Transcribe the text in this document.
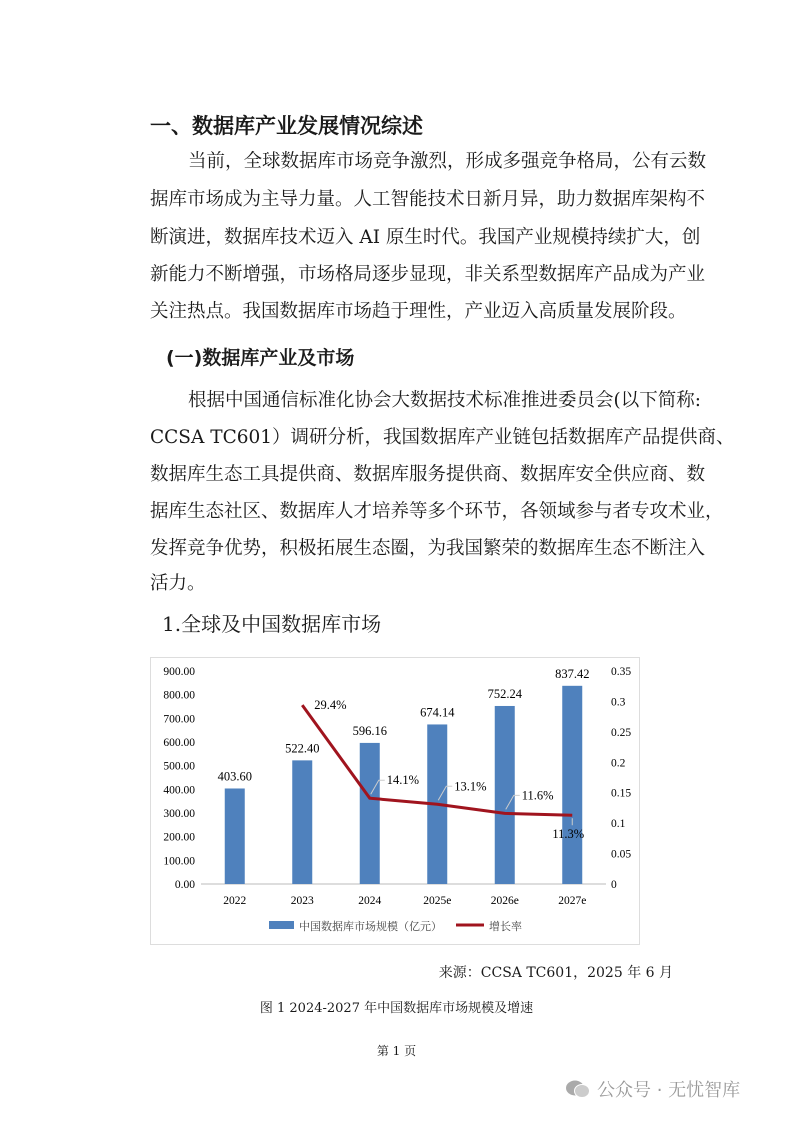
一、数据库产业发展情况综述
当前，全球数据库市场竞争激烈，形成多强竞争格局，公有云数
据库市场成为主导力量。人工智能技术日新月异，助力数据库架构不
断演进，数据库技术迈入 AI 原生时代。我国产业规模持续扩大，创
新能力不断增强，市场格局逐步显现，非关系型数据库产品成为产业
关注热点。我国数据库市场趋于理性，产业迈入高质量发展阶段。
(一)数据库产业及市场
根据中国通信标准化协会大数据技术标准推进委员会(以下简称:
CCSA TC601）调研分析，我国数据库产业链包括数据库产品提供商、
数据库生态工具提供商、数据库服务提供商、数据库安全供应商、数
据库生态社区、数据库人才培养等多个环节，各领域参与者专攻术业，
发挥竞争优势，积极拓展生态圈，为我国繁荣的数据库生态不断注入
活力。
1.全球及中国数据库市场
0.00
100.00
200.00
300.00
400.00
500.00
600.00
700.00
800.00
900.00
0
0.05
0.1
0.15
0.2
0.25
0.3
0.35
2022	2023	2024	2025e	2026e	2027e
403.60
522.40
596.16
674.14
752.24
837.42
29.4%
14.1%	13.1%
11.6%
11.3%
中国数据库市场规模（亿元）	增长率
来源：CCSA TC601，2025 年 6 月
图 1 2024-2027 年中国数据库市场规模及增速
第 1 页
公众号 · 无忧智库
